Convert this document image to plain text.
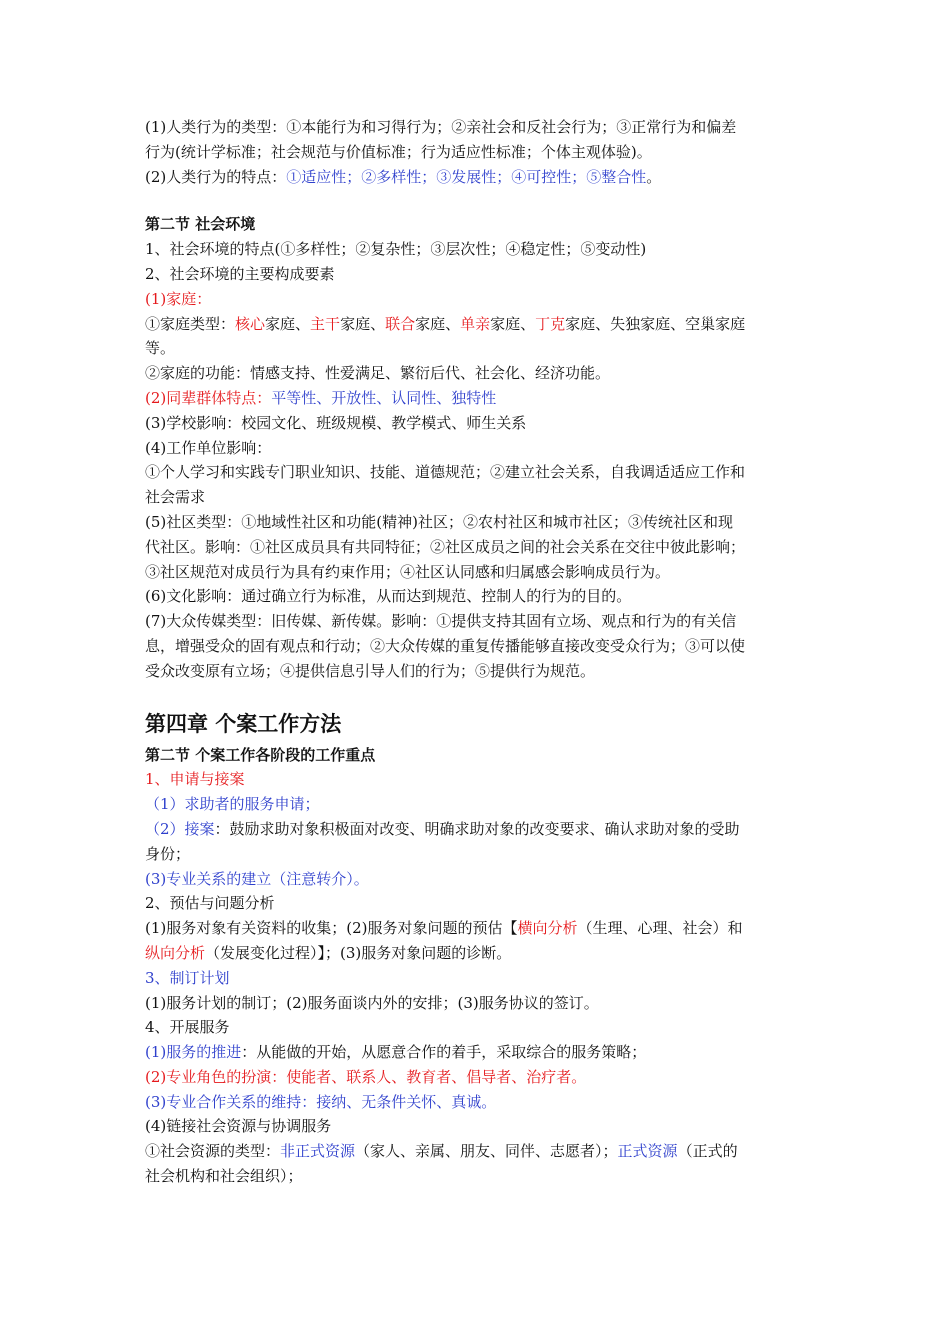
(1)人类行为的类型：①本能行为和习得行为；②亲社会和反社会行为；③正常行为和偏差
行为(统计学标准；社会规范与价值标准；行为适应性标准；个体主观体验)。
(2)人类行为的特点：①适应性；②多样性；③发展性；④可控性；⑤整合性。
第二节 社会环境
1、社会环境的特点(①多样性；②复杂性；③层次性；④稳定性；⑤变动性)
2、社会环境的主要构成要素
(1)家庭：
①家庭类型：核心家庭、主干家庭、联合家庭、单亲家庭、丁克家庭、失独家庭、空巢家庭
等。
②家庭的功能：情感支持、性爱满足、繁衍后代、社会化、经济功能。
(2)同辈群体特点：平等性、开放性、认同性、独特性
(3)学校影响：校园文化、班级规模、教学模式、师生关系
(4)工作单位影响：
①个人学习和实践专门职业知识、技能、道德规范；②建立社会关系，自我调适适应工作和
社会需求
(5)社区类型：①地域性社区和功能(精神)社区；②农村社区和城市社区；③传统社区和现
代社区。影响：①社区成员具有共同特征；②社区成员之间的社会关系在交往中彼此影响；
③社区规范对成员行为具有约束作用；④社区认同感和归属感会影响成员行为。
(6)文化影响：通过确立行为标准，从而达到规范、控制人的行为的目的。
(7)大众传媒类型：旧传媒、新传媒。影响：①提供支持其固有立场、观点和行为的有关信
息，增强受众的固有观点和行动；②大众传媒的重复传播能够直接改变受众行为；③可以使
受众改变原有立场；④提供信息引导人们的行为；⑤提供行为规范。
第四章 个案工作方法
第二节 个案工作各阶段的工作重点
1、申请与接案
（1）求助者的服务申请；
（2）接案：鼓励求助对象积极面对改变、明确求助对象的改变要求、确认求助对象的受助
身份；
(3)专业关系的建立（注意转介）。
2、预估与问题分析
(1)服务对象有关资料的收集；(2)服务对象问题的预估【横向分析（生理、心理、社会）和
纵向分析（发展变化过程）】；(3)服务对象问题的诊断。
3、制订计划
(1)服务计划的制订；(2)服务面谈内外的安排；(3)服务协议的签订。
4、开展服务
(1)服务的推进：从能做的开始，从愿意合作的着手，采取综合的服务策略；
(2)专业角色的扮演：使能者、联系人、教育者、倡导者、治疗者。
(3)专业合作关系的维持：接纳、无条件关怀、真诚。
(4)链接社会资源与协调服务
①社会资源的类型：非正式资源（家人、亲属、朋友、同伴、志愿者）；正式资源（正式的
社会机构和社会组织）；
